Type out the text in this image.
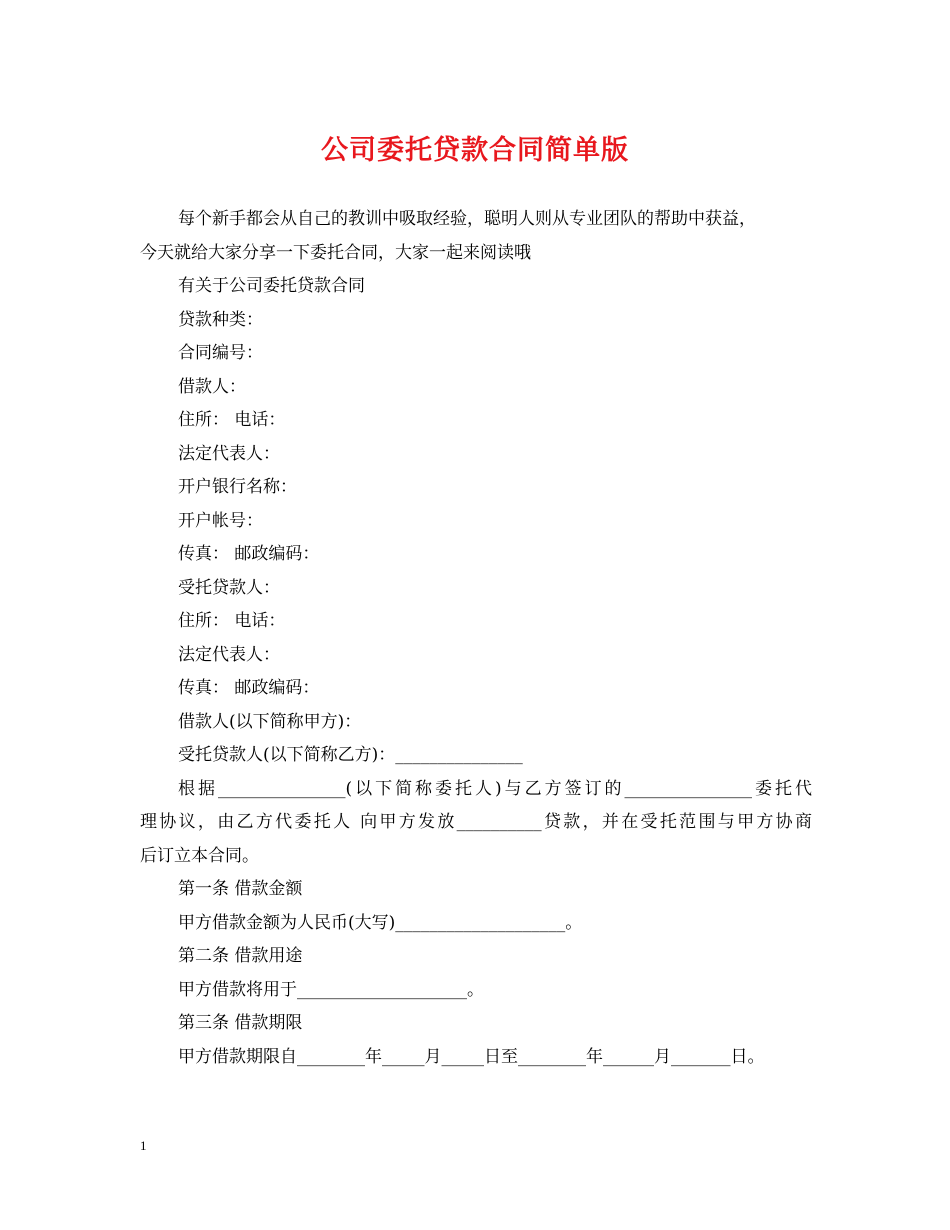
公司委托贷款合同简单版
每个新手都会从自己的教训中吸取经验，聪明人则从专业团队的帮助中获益，
今天就给大家分享一下委托合同，大家一起来阅读哦
有关于公司委托贷款合同
贷款种类：
合同编号：
借款人：
住所： 电话：
法定代表人：
开户银行名称：
开户帐号：
传真： 邮政编码：
受托贷款人：
住所： 电话：
法定代表人：
传真： 邮政编码：
借款人(以下简称甲方)：
受托贷款人(以下简称乙方)：_______________
根据_______________(以下简称委托人)与乙方签订的_______________委托代
理协议，由乙方代委托人 向甲方发放__________贷款，并在受托范围与甲方协商
后订立本合同。
第一条 借款金额
甲方借款金额为人民币(大写)____________________。
第二条 借款用途
甲方借款将用于____________________。
第三条 借款期限
甲方借款期限自________年_____月_____日至________年______月_______日。
1
